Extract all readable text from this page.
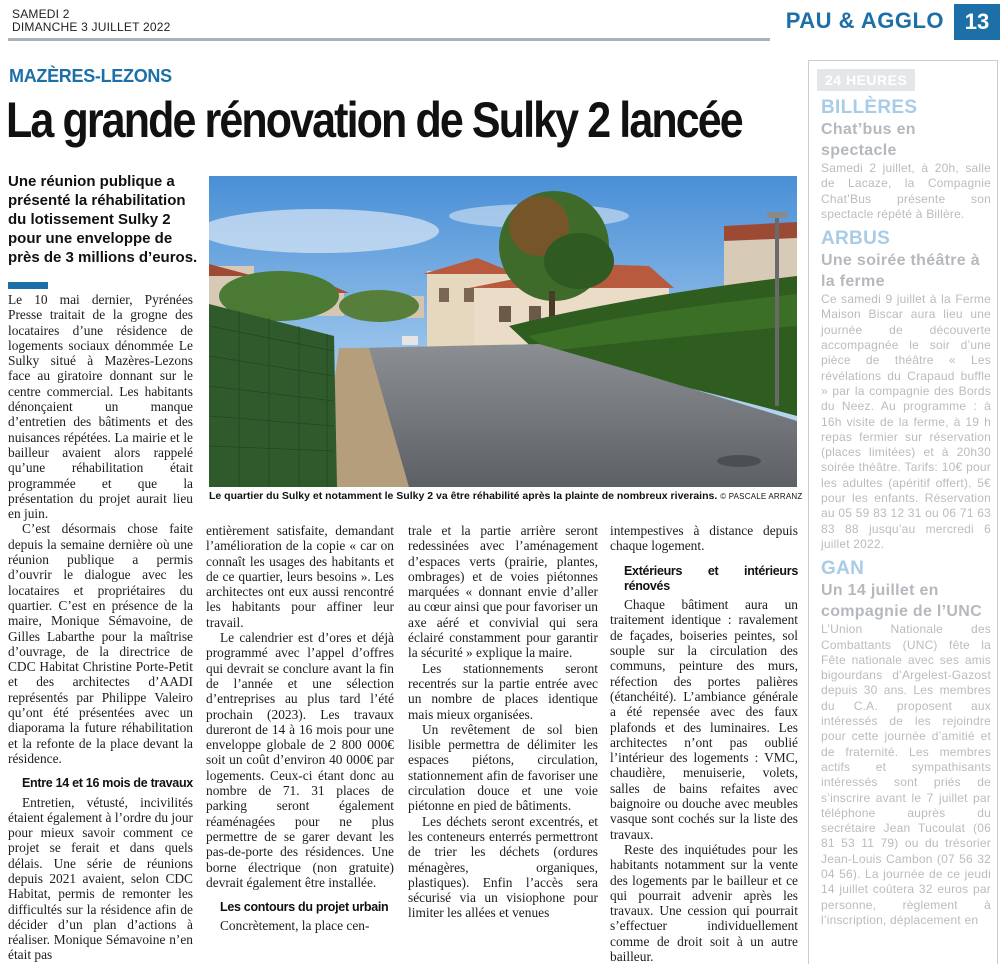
SAMEDI 2
DIMANCHE 3 JUILLET 2022	PAU & AGGLO 13
MAZÈRES-LEZONS
La grande rénovation de Sulky 2 lancée
Une réunion publique a présenté la réhabilitation du lotissement Sulky 2 pour une enveloppe de près de 3 millions d’euros.
Le quartier du Sulky et notamment le Sulky 2 va être réhabilité après la plainte de nombreux riverains. © PASCALE ARRANZ

Le 10 mai dernier, Pyrénées Presse traitait de la grogne des locataires d’une résidence de logements sociaux dénommée Le Sulky situé à Mazères-Lezons face au giratoire donnant sur le centre commercial. Les habitants dénonçaient un manque d’entretien des bâtiments et des nuisances répétées. La mairie et le bailleur avaient alors rappelé qu’une réhabilitation était programmée et que la présentation du projet aurait lieu en juin.

C’est désormais chose faite depuis la semaine dernière où une réunion publique a permis d’ouvrir le dialogue avec les locataires et propriétaires du quartier. C’est en présence de la maire, Monique Sémavoine, de Gilles Labarthe pour la maîtrise d’ouvrage, de la directrice de CDC Habitat Christine Porte-Petit et des architectes d’AADI représentés par Philippe Valeiro qu’ont été présentées avec un diaporama la future réhabilitation et la refonte de la place devant la résidence.

Entre 14 et 16 mois de travaux

Entretien, vétusté, incivilités étaient également à l’ordre du jour pour mieux savoir comment ce projet se ferait et dans quels délais. Une série de réunions depuis 2021 avaient, selon CDC Habitat, permis de remonter les difficultés sur la résidence afin de décider d’un plan d’actions à réaliser. Monique Sémavoine n’en était pas

entièrement satisfaite, demandant l’amélioration de la copie « car on connaît les usages des habitants et de ce quartier, leurs besoins ». Les architectes ont eux aussi rencontré les habitants pour affiner leur travail.

Le calendrier est d’ores et déjà programmé avec l’appel d’offres qui devrait se conclure avant la fin de l’année et une sélection d’entreprises au plus tard l’été prochain (2023). Les travaux dureront de 14 à 16 mois pour une enveloppe globale de 2 800 000€ soit un coût d’environ 40 000€ par logements. Ceux-ci étant donc au nombre de 71. 31 places de parking seront également réaménagées pour ne plus permettre de se garer devant les pas-de-porte des résidences. Une borne électrique (non gratuite) devrait également être installée.

Les contours du projet urbain

Concrètement, la place cen-

trale et la partie arrière seront redessinées avec l’aménagement d’espaces verts (prairie, plantes, ombrages) et de voies piétonnes marquées « donnant envie d’aller au cœur ainsi que pour favoriser un axe aéré et convivial qui sera éclairé constamment pour garantir la sécurité » explique la maire.

Les stationnements seront recentrés sur la partie entrée avec un nombre de places identique mais mieux organisées.

Un revêtement de sol bien lisible permettra de délimiter les espaces piétons, circulation, stationnement afin de favoriser une circulation douce et une voie piétonne en pied de bâtiments.

Les déchets seront excentrés, et les conteneurs enterrés permettront de trier les déchets (ordures ménagères, organiques, plastiques). Enfin l’accès sera sécurisé via un visiophone pour limiter les allées et venues

intempestives à distance depuis chaque logement.

Extérieurs et intérieurs rénovés

Chaque bâtiment aura un traitement identique : ravalement de façades, boiseries peintes, sol souple sur la circulation des communs, peinture des murs, réfection des portes palières (étanchéité). L’ambiance générale a été repensée avec des faux plafonds et des luminaires. Les architectes n’ont pas oublié l’intérieur des logements : VMC, chaudière, menuiserie, volets, salles de bains refaites avec baignoire ou douche avec meubles vasque sont cochés sur la liste des travaux.

Reste des inquiétudes pour les habitants notamment sur la vente des logements par le bailleur et ce qui pourrait advenir après les travaux. Une cession qui pourrait s’effectuer individuellement comme de droit soit à un autre bailleur.

24 HEURES
BILLÈRES
Chat’bus en spectacle
Samedi 2 juillet, à 20h, salle de Lacaze, la Compagnie Chat’Bus présente son spectacle répété à Billère.
ARBUS
Une soirée théâtre à la ferme
Ce samedi 9 juillet à la Ferme Maison Biscar aura lieu une journée de découverte accompagnée le soir d’une pièce de théâtre « Les révélations du Crapaud buffle » par la compagnie des Bords du Neez. Au programme : à 16h visite de la ferme, à 19 h repas fermier sur réservation (places limitées) et à 20h30 soirée théâtre. Tarifs: 10€ pour les adultes (apéritif offert), 5€ pour les enfants. Réservation au 05 59 83 12 31 ou 06 71 63 83 88 jusqu’au mercredi 6 juillet 2022.
GAN
Un 14 juillet en compagnie de l’UNC
L’Union Nationale des Combattants (UNC) fête la Fête nationale avec ses amis bigourdans d’Argelest-Gazost depuis 30 ans. Les membres du C.A. proposent aux intéressés de les rejoindre pour cette journée d’amitié et de fraternité. Les membres actifs et sympathisants intéressés sont priés de s’inscrire avant le 7 juillet par téléphone auprès du secrétaire Jean Tucoulat (06 81 53 11 79) ou du trésorier Jean-Louis Cambon (07 56 32 04 56). La journée de ce jeudi 14 juillet coûtera 32 euros par personne, règlement à l’inscription, déplacement en
